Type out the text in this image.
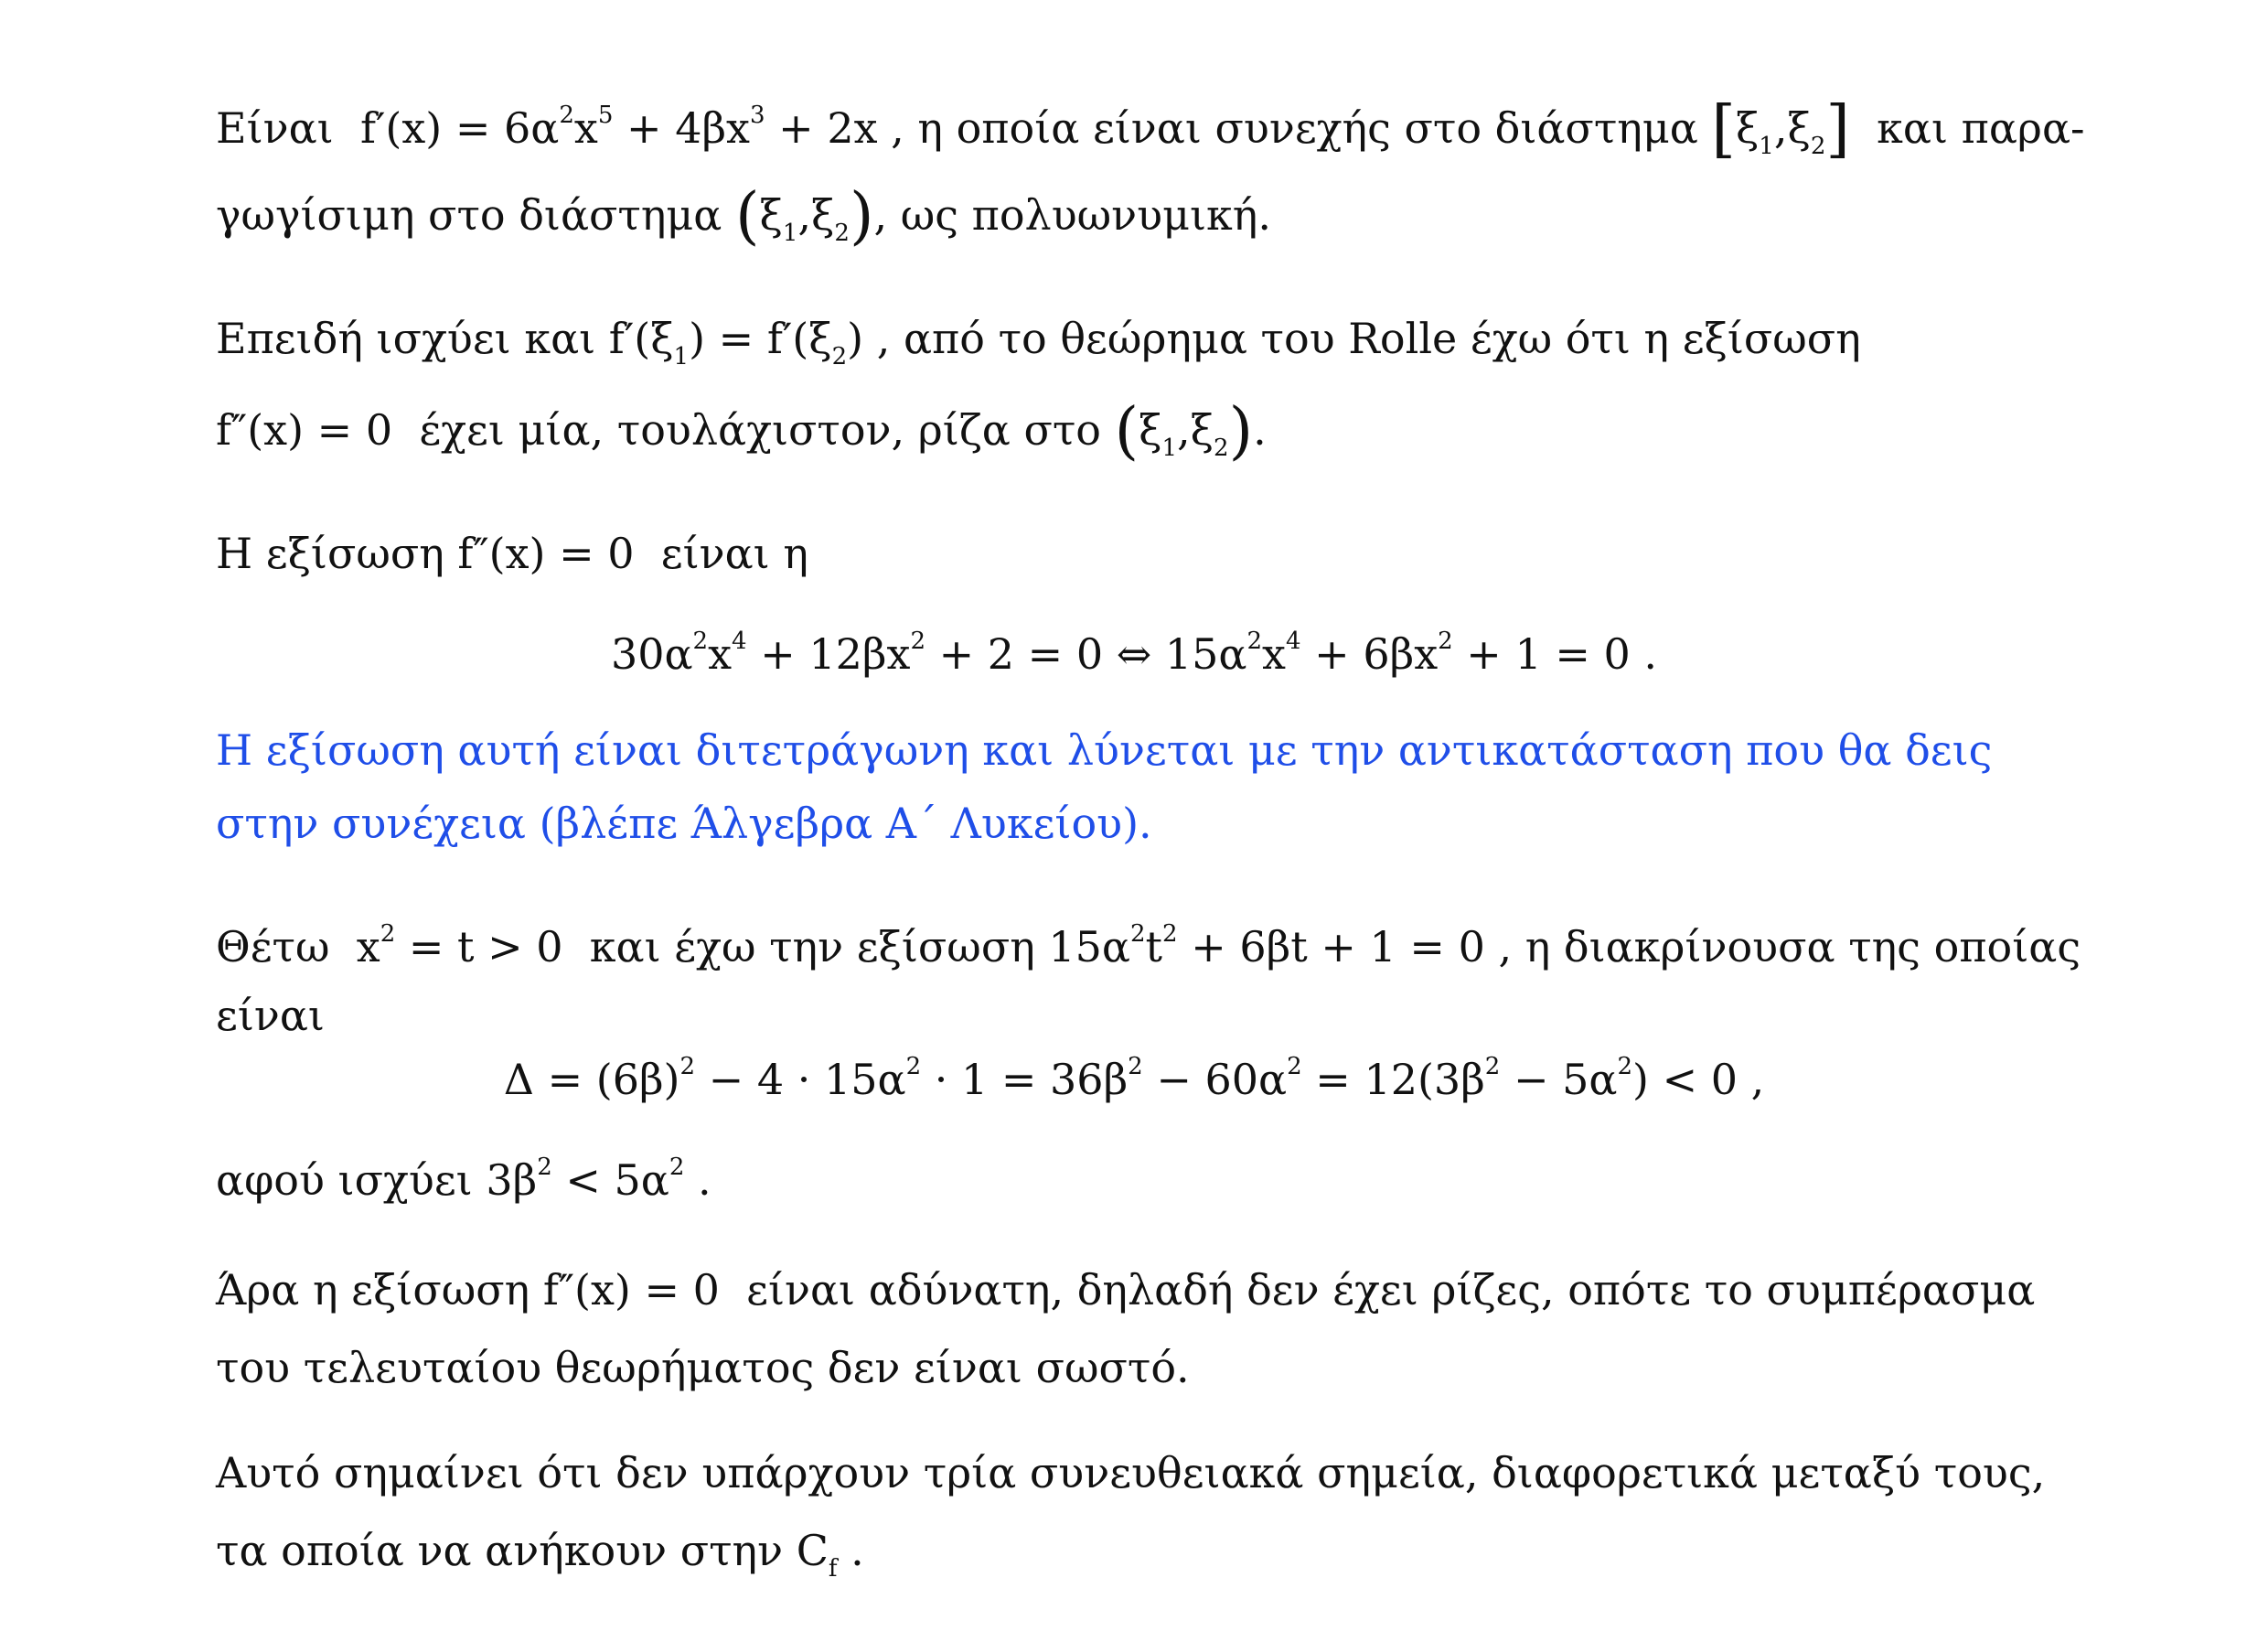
Είναι  $f'(x) = 6\alpha^2x^5 + 4\beta x^3 + 2x$ , η οποία είναι συνεχής στο διάστημα $[\xi_1,\xi_2]$  και παρα-
γωγίσιμη στο διάστημα $(\xi_1,\xi_2)$, ως πολυωνυμική.
Επειδή ισχύει και $f'(\xi_1) = f'(\xi_2)$ , από το θεώρημα του Rolle έχω ότι η εξίσωση
f″(x) = 0  έχει μία, τουλάχιστον, ρίζα στο $(\xi_1,\xi_2)$.
Η εξίσωση f″(x) = 0  είναι η
$30\alpha^2x^4 + 12\beta x^2 + 2 = 0$ ⇔ $15\alpha^2x^4 + 6\beta x^2 + 1 = 0$ .
Η εξίσωση αυτή είναι διτετράγωνη και λύνεται με την αντικατάσταση που θα δεις
στην συνέχεια (βλέπε Άλγεβρα Α΄ Λυκείου).
Θέτω  $x^2 = t > 0$  και έχω την εξίσωση $15\alpha^2t^2 + 6\beta t + 1 = 0$ , η διακρίνουσα της οποίας
είναι
$\Delta = (6\beta)^2 - 4 \cdot 15\alpha^2 \cdot 1 = 36\beta^2 - 60\alpha^2 = 12(3\beta^2 - 5\alpha^2) < 0$ ,
αφού ισχύει $3\beta^2 < 5\alpha^2$ .
Άρα η εξίσωση f″(x) = 0  είναι αδύνατη, δηλαδή δεν έχει ρίζες, οπότε το συμπέρασμα
του τελευταίου θεωρήματος δεν είναι σωστό.
Αυτό σημαίνει ότι δεν υπάρχουν τρία συνευθειακά σημεία, διαφορετικά μεταξύ τους,
τα οποία να ανήκουν στην $C_f$ .
